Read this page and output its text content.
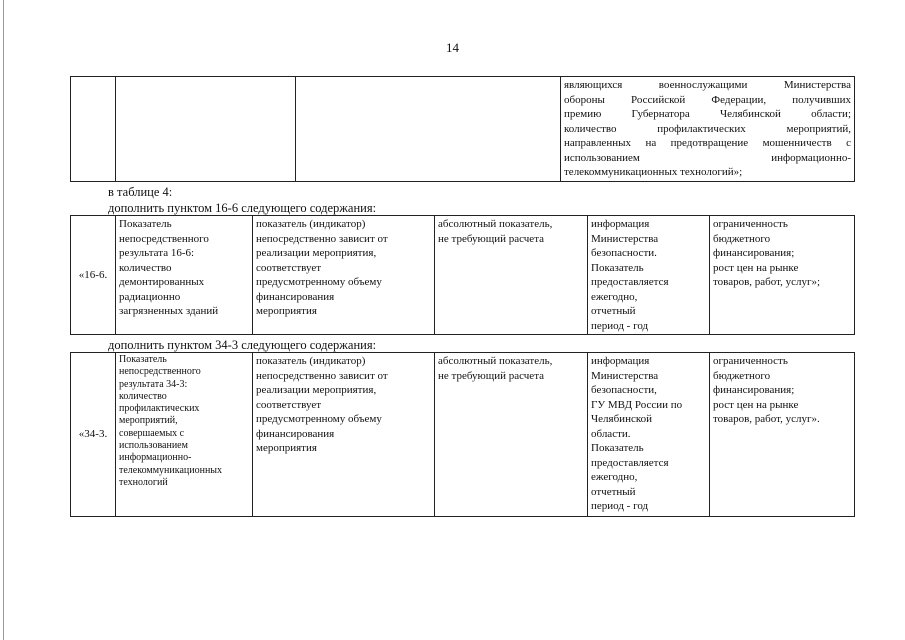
14

являющихся военнослужащими Министерства
обороны Российской Федерации, получивших
премию Губернатора Челябинской области;
количество профилактических мероприятий,
направленных на предотвращение мошенничеств с
использованием информационно-
телекоммуникационных технологий»;
в таблице 4:
дополнить пунктом 16-6 следующего содержания:
«16-6.	
Показатель
непосредственного
результата 16-6:
количество
демонтированных
радиационно
загрязненных зданий

показатель (индикатор)
непосредственно зависит от
реализации мероприятия,
соответствует
предусмотренному объему
финансирования
мероприятия

абсолютный показатель,
не требующий расчета

информация
Министерства
безопасности.
Показатель
предоставляется
ежегодно,
отчетный
период - год

ограниченность
бюджетного
финансирования;
рост цен на рынке
товаров, работ, услуг»;
дополнить пунктом 34-3 следующего содержания:
«34-3.	
Показатель
непосредственного
результата 34-3:
количество
профилактических
мероприятий,
совершаемых с
использованием
информационно-
телекоммуникационных
технологий

показатель (индикатор)
непосредственно зависит от
реализации мероприятия,
соответствует
предусмотренному объему
финансирования
мероприятия

абсолютный показатель,
не требующий расчета

информация
Министерства
безопасности,
ГУ МВД России по
Челябинской
области.
Показатель
предоставляется
ежегодно,
отчетный
период - год

ограниченность
бюджетного
финансирования;
рост цен на рынке
товаров, работ, услуг».
